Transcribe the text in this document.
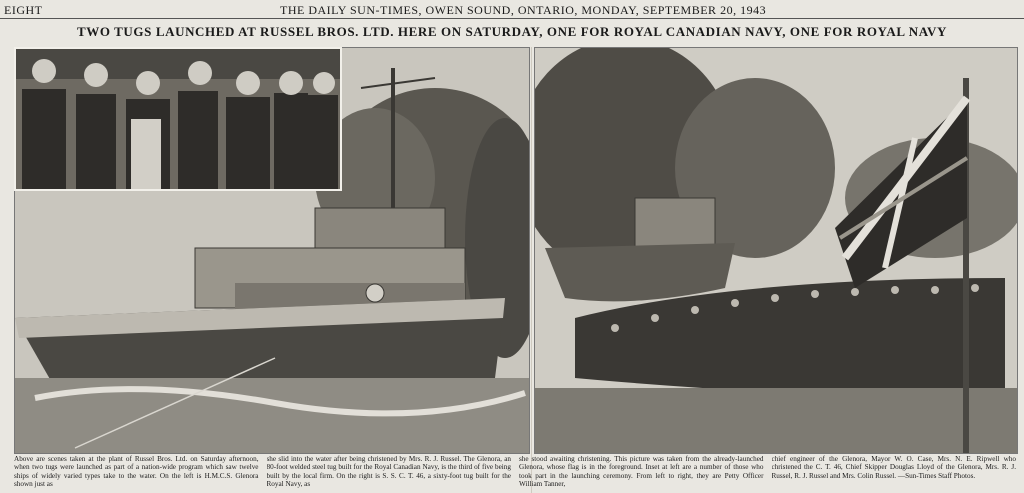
EIGHT	THE DAILY SUN-TIMES, OWEN SOUND, ONTARIO, MONDAY, SEPTEMBER 20, 1943
TWO TUGS LAUNCHED AT RUSSEL BROS. LTD. HERE ON SATURDAY, ONE FOR ROYAL CANADIAN NAVY, ONE FOR ROYAL NAVY
Above are scenes taken at the plant of Russel Bros. Ltd. on Saturday afternoon, when two tugs were launched as part of a nation-wide program which saw twelve ships of widely varied types take to the water. On the left is H.M.C.S. Glenora shown just as
she slid into the water after being christened by Mrs. R. J. Russel. The Glenora, an 80-foot welded steel tug built for the Royal Canadian Navy, is the third of five being built by the local firm. On the right is S. S. C. T. 46, a sixty-foot tug built for the Royal Navy, as
she stood awaiting christening. This picture was taken from the already-launched Glenora, whose flag is in the foreground. Inset at left are a number of those who took part in the launching ceremony. From left to right, they are Petty Officer William Tanner,
chief engineer of the Glenora, Mayor W. O. Case, Mrs. N. E. Ripwell who christened the C. T. 46, Chief Skipper Douglas Lloyd of the Glenora, Mrs. R. J. Russel, R. J. Russel and Mrs. Colin Russel. —Sun-Times Staff Photos.
